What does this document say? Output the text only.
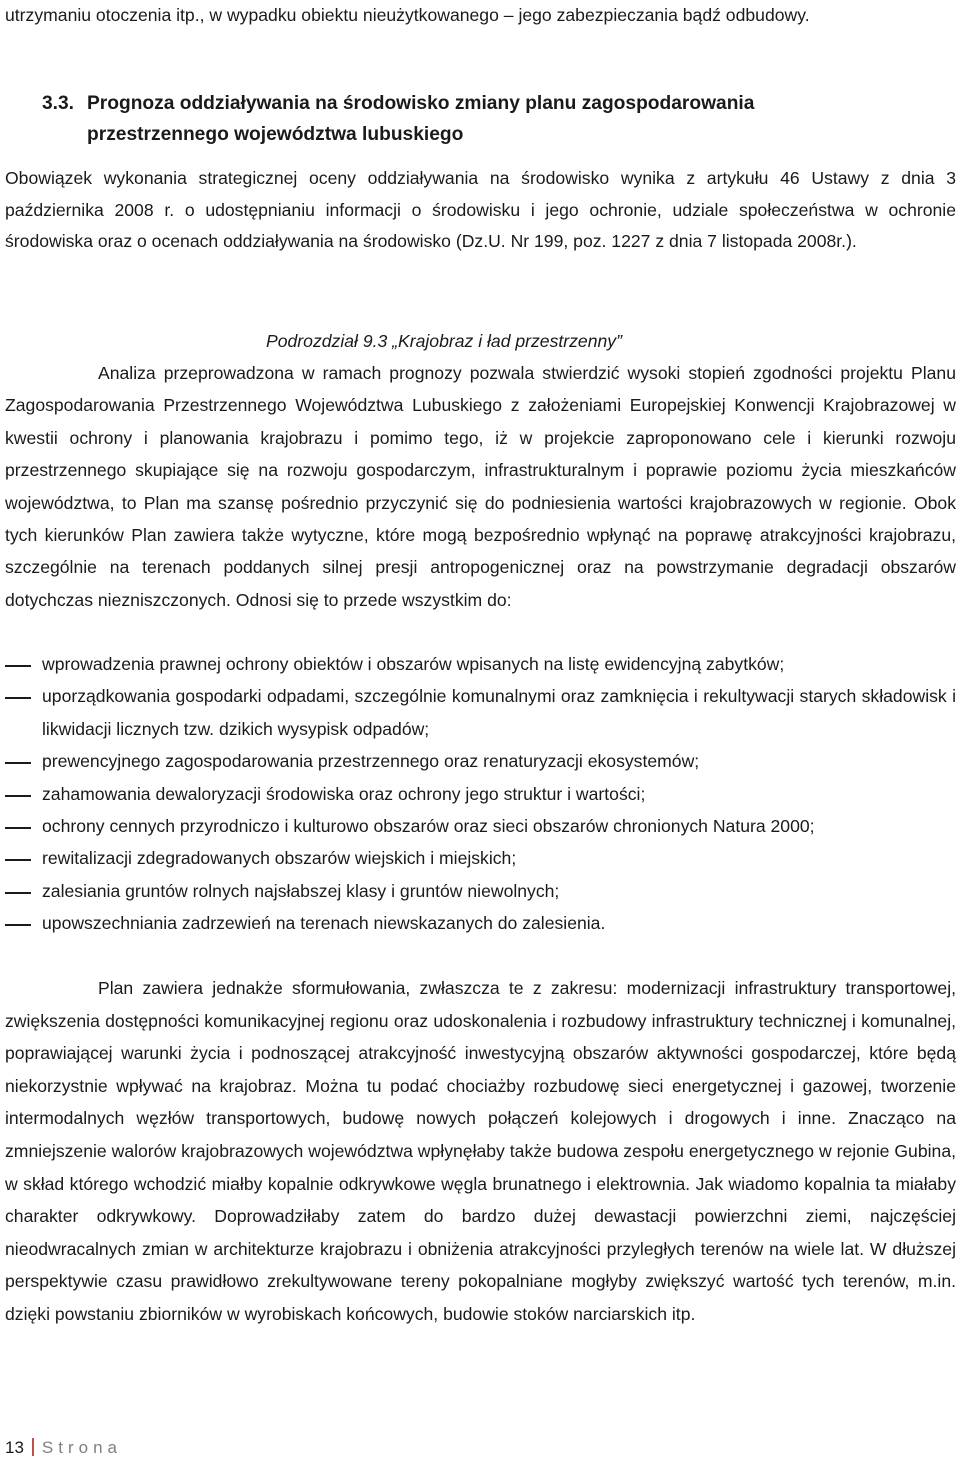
utrzymaniu otoczenia itp., w wypadku obiektu nieużytkowanego – jego zabezpieczania bądź odbudowy.

3.3. Prognoza oddziaływania na środowisko zmiany planu zagospodarowania
przestrzennego województwa lubuskiego

Obowiązek wykonania strategicznej oceny oddziaływania na środowisko wynika z artykułu 46 Ustawy z dnia 3 października 2008 r. o udostępnianiu informacji o środowisku i jego ochronie, udziale społeczeństwa w ochronie środowiska oraz o ocenach oddziaływania na środowisko (Dz.U. Nr 199, poz. 1227 z dnia 7 listopada 2008r.).

Podrozdział 9.3 „Krajobraz i ład przestrzenny”

Analiza przeprowadzona w ramach prognozy pozwala stwierdzić wysoki stopień zgodności projektu Planu Zagospodarowania Przestrzennego Województwa Lubuskiego z założeniami Europejskiej Konwencji Krajobrazowej w kwestii ochrony i planowania krajobrazu i pomimo tego, iż w projekcie zaproponowano cele i kierunki rozwoju przestrzennego skupiające się na rozwoju gospodarczym, infrastrukturalnym i poprawie poziomu życia mieszkańców województwa, to Plan ma szansę pośrednio przyczynić się do podniesienia wartości krajobrazowych w regionie. Obok tych kierunków Plan zawiera także wytyczne, które mogą bezpośrednio wpłynąć na poprawę atrakcyjności krajobrazu, szczególnie na terenach poddanych silnej presji antropogenicznej oraz na powstrzymanie degradacji obszarów dotychczas niezniszczonych. Odnosi się to przede wszystkim do:

wprowadzenia prawnej ochrony obiektów i obszarów wpisanych na listę ewidencyjną zabytków;
uporządkowania gospodarki odpadami, szczególnie komunalnymi oraz zamknięcia i rekultywacji starych składowisk i likwidacji licznych tzw. dzikich wysypisk odpadów;
prewencyjnego zagospodarowania przestrzennego oraz renaturyzacji ekosystemów;
zahamowania dewaloryzacji środowiska oraz ochrony jego struktur i wartości;
ochrony cennych przyrodniczo i kulturowo obszarów oraz sieci obszarów chronionych Natura 2000;
rewitalizacji zdegradowanych obszarów wiejskich i miejskich;
zalesiania gruntów rolnych najsłabszej klasy i gruntów niewolnych;
upowszechniania zadrzewień na terenach niewskazanych do zalesienia.

Plan zawiera jednakże sformułowania, zwłaszcza te z zakresu: modernizacji infrastruktury transportowej, zwiększenia dostępności komunikacyjnej regionu oraz udoskonalenia i rozbudowy infrastruktury technicznej i komunalnej, poprawiającej warunki życia i podnoszącej atrakcyjność inwestycyjną obszarów aktywności gospodarczej, które będą niekorzystnie wpływać na krajobraz. Można tu podać chociażby rozbudowę sieci energetycznej i gazowej, tworzenie intermodalnych węzłów transportowych, budowę nowych połączeń kolejowych i drogowych i inne. Znacząco na zmniejszenie walorów krajobrazowych województwa wpłynęłaby także budowa zespołu energetycznego w rejonie Gubina, w skład którego wchodzić miałby kopalnie odkrywkowe węgla brunatnego i elektrownia. Jak wiadomo kopalnia ta miałaby charakter odkrywkowy. Doprowadziłaby zatem do bardzo dużej dewastacji powierzchni ziemi, najczęściej nieodwracalnych zmian w architekturze krajobrazu i obniżenia atrakcyjności przyległych terenów na wiele lat. W dłuższej perspektywie czasu prawidłowo zrekultywowane tereny pokopalniane mogłyby zwiększyć wartość tych terenów, m.in. dzięki powstaniu zbiorników w wyrobiskach końcowych, budowie stoków narciarskich itp.

13 Strona
